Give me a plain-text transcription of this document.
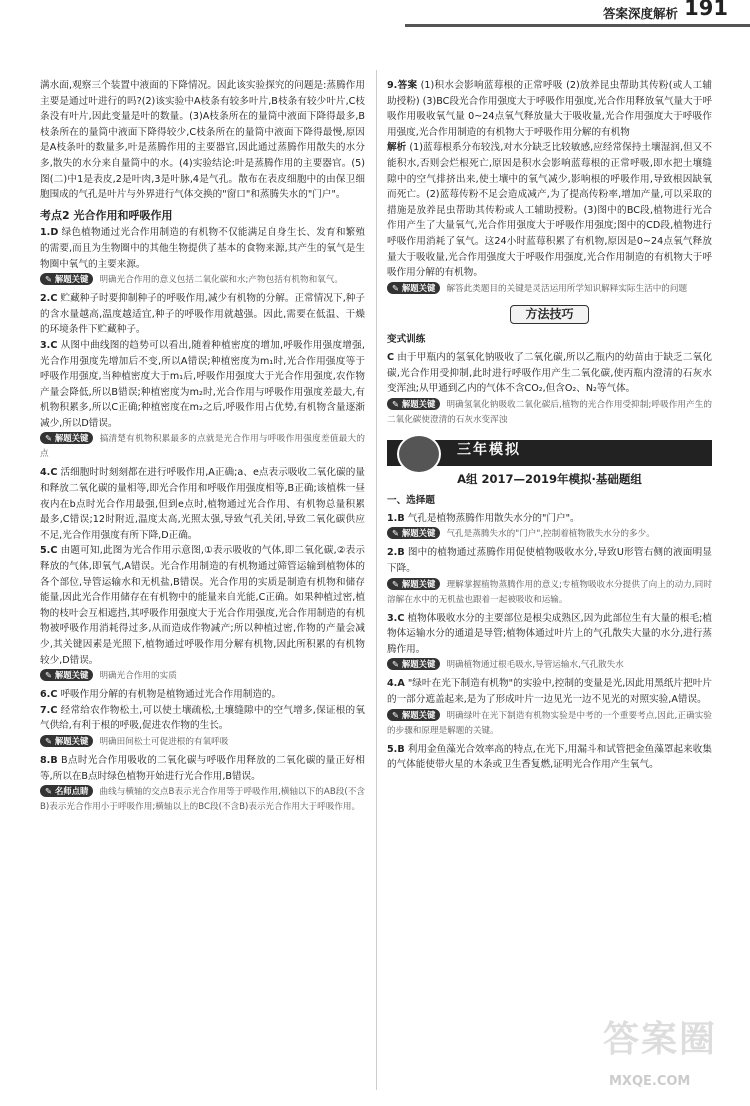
答案深度解析 191

满水面,观察三个装置中液面的下降情况。因此该实验探究的问题是:蒸腾作用主要是通过叶进行的吗?(2)该实验中A枝条有较多叶片,B枝条有较少叶片,C枝条没有叶片,因此变量是叶的数量。(3)A枝条所在的量筒中液面下降得最多,B枝条所在的量筒中液面下降得较少,C枝条所在的量筒中液面下降得最慢,原因是A枝条叶的数量多,叶是蒸腾作用的主要器官,因此通过蒸腾作用散失的水分多,散失的水分来自量筒中的水。(4)实验结论:叶是蒸腾作用的主要器官。(5)图(二)中1是表皮,2是叶肉,3是叶脉,4是气孔。散布在表皮细胞中的由保卫细胞围成的气孔是叶片与外界进行气体交换的"窗口"和蒸腾失水的"门户"。

考点2 光合作用和呼吸作用

1.D 绿色植物通过光合作用制造的有机物不仅能满足自身生长、发育和繁殖的需要,而且为生物圈中的其他生物提供了基本的食物来源,其产生的氧气是生物圈中氧气的主要来源。

✎ 解题关键 明确光合作用的意义包括二氧化碳和水;产物包括有机物和氧气。

2.C 贮藏种子时要抑制种子的呼吸作用,减少有机物的分解。正常情况下,种子的含水量越高,温度越适宜,种子的呼吸作用就越强。因此,需要在低温、干燥的环境条件下贮藏种子。

3.C 从图中曲线图的趋势可以看出,随着种植密度的增加,呼吸作用强度增强,光合作用强度先增加后不变,所以A错误;种植密度为m₁时,光合作用强度等于呼吸作用强度,当种植密度大于m₁后,呼吸作用强度大于光合作用强度,农作物产量会降低,所以B错误;种植密度为m₂时,光合作用与呼吸作用强度差最大,有机物积累多,所以C正确;种植密度在m₂之后,呼吸作用占优势,有机物含量逐渐减少,所以D错误。

✎ 解题关键 搞清楚有机物积累最多的点就是光合作用与呼吸作用强度差值最大的点

4.C 活细胞时时刻刻都在进行呼吸作用,A正确;a、e点表示吸收二氧化碳的量和释放二氧化碳的量相等,即光合作用和呼吸作用强度相等,B正确;该植株一昼夜内在b点时光合作用最强,但到e点时,植物通过光合作用、有机物总量积累最多,C错误;12时附近,温度太高,光照太强,导致气孔关闭,导致二氧化碳供应不足,光合作用强度有所下降,D正确。

5.C 由题可知,此图为光合作用示意图,①表示吸收的气体,即二氧化碳,②表示释放的气体,即氧气,A错误。光合作用制造的有机物通过筛管运输到植物体的各个部位,导管运输水和无机盐,B错误。光合作用的实质是制造有机物和储存能量,因此光合作用储存在有机物中的能量来自光能,C正确。如果种植过密,植物的枝叶会互相遮挡,其呼吸作用强度大于光合作用强度,光合作用制造的有机物被呼吸作用消耗得过多,从而造成作物减产;所以种植过密,作物的产量会减少,其关键因素是光照下,植物通过呼吸作用分解有机物,因此所积累的有机物较少,D错误。

✎ 解题关键 明确光合作用的实质

6.C 呼吸作用分解的有机物是植物通过光合作用制造的。

7.C 经常给农作物松土,可以使土壤疏松,土壤缝隙中的空气增多,保证根的氧气供给,有利于根的呼吸,促进农作物的生长。

✎ 解题关键 明确田间松土可促进根的有氧呼吸

8.B B点时光合作用吸收的二氧化碳与呼吸作用释放的二氧化碳的量正好相等,所以在B点时绿色植物开始进行光合作用,B错误。

✎ 名师点睛 曲线与横轴的交点B表示光合作用等于呼吸作用,横轴以下的AB段(不含B)表示光合作用小于呼吸作用;横轴以上的BC段(不含B)表示光合作用大于呼吸作用。

9.答案 (1)积水会影响蓝莓根的正常呼吸 (2)放养昆虫帮助其传粉(或人工辅助授粉) (3)BC段光合作用强度大于呼吸作用强度,光合作用释放氧气量大于呼吸作用吸收氧气量 0~24点氧气释放量大于吸收量,光合作用强度大于呼吸作用强度,光合作用制造的有机物大于呼吸作用分解的有机物

解析 (1)蓝莓根系分布较浅,对水分缺乏比较敏感,应经常保持土壤湿润,但又不能积水,否则会烂根死亡,原因是积水会影响蓝莓根的正常呼吸,即水把土壤缝隙中的空气排挤出来,使土壤中的氧气减少,影响根的呼吸作用,导致根因缺氧而死亡。(2)蓝莓传粉不足会造成减产,为了提高传粉率,增加产量,可以采取的措施是放养昆虫帮助其传粉或人工辅助授粉。(3)图中的BC段,植物进行光合作用产生了大量氧气,光合作用强度大于呼吸作用强度;图中的CD段,植物进行呼吸作用消耗了氧气。这24小时蓝莓积累了有机物,原因是0~24点氧气释放量大于吸收量,光合作用强度大于呼吸作用强度,光合作用制造的有机物大于呼吸作用分解的有机物。

✎ 解题关键 解答此类题目的关键是灵活运用所学知识解释实际生活中的问题

方法技巧
变式训练

C 由于甲瓶内的氢氧化钠吸收了二氧化碳,所以乙瓶内的幼苗由于缺乏二氧化碳,光合作用受抑制,此时进行呼吸作用产生二氧化碳,使丙瓶内澄清的石灰水变浑浊;从甲通到乙内的气体不含CO₂,但含O₂、N₂等气体。

✎ 解题关键 明确氢氧化钠吸收二氧化碳后,植物的光合作用受抑制;呼吸作用产生的二氧化碳使澄清的石灰水变浑浊

三年模拟
A组 2017—2019年模拟·基础题组
一、选择题

1.B 气孔是植物蒸腾作用散失水分的"门户"。

✎ 解题关键 气孔是蒸腾失水的"门户",控制着植物散失水分的多少。

2.B 图中的植物通过蒸腾作用促使植物吸收水分,导致U形管右侧的液面明显下降。

✎ 解题关键 理解掌握植物蒸腾作用的意义;专植物吸收水分提供了向上的动力,同时溶解在水中的无机盐也跟着一起被吸收和运输。

3.C 植物体吸收水分的主要部位是根尖成熟区,因为此部位生有大量的根毛;植物体运输水分的通道是导管;植物体通过叶片上的气孔散失大量的水分,进行蒸腾作用。

✎ 解题关键 明确植物通过根毛吸水,导管运输水,气孔散失水

4.A "绿叶在光下制造有机物"的实验中,控制的变量是光,因此用黑纸片把叶片的一部分遮盖起来,是为了形成叶片一边见光一边不见光的对照实验,A错误。

✎ 解题关键 明确绿叶在光下制造有机物实验是中考的一个重要考点,因此,正确实验的步骤和原理是解题的关键。

5.B 利用金鱼藻光合效率高的特点,在光下,用漏斗和试管把金鱼藻罩起来收集的气体能使带火星的木条或卫生香复燃,证明光合作用产生氧气。

答案圈
MXQE.COM
